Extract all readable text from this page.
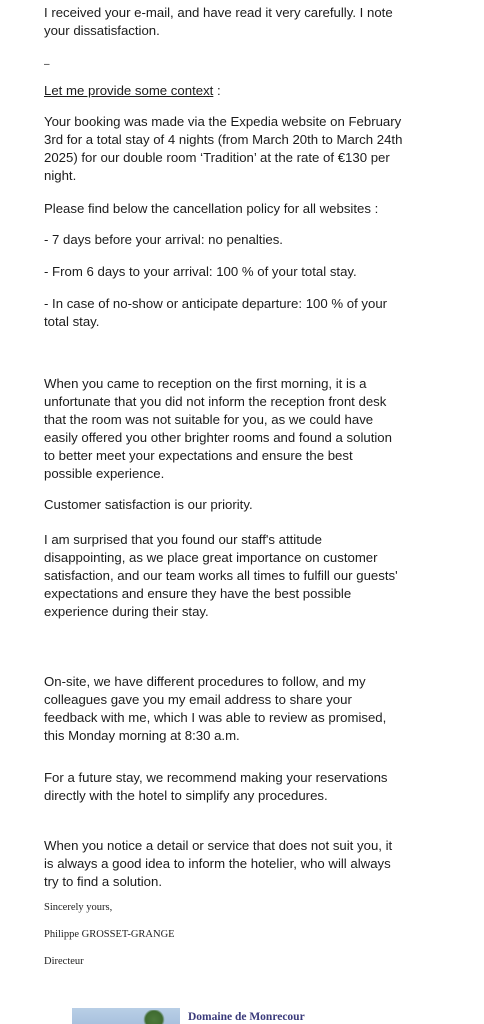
I received your e-mail, and have read it very carefully. I note your dissatisfaction.

–

Let me provide some context :

Your booking was made via the Expedia website on February 3rd for a total stay of 4 nights (from March 20th to March 24th 2025) for our double room ‘Tradition’ at the rate of €130 per night.

Please find below the cancellation policy for all websites :

- 7 days before your arrival: no penalties.

- From 6 days to your arrival: 100 % of your total stay.

- In case of no-show or anticipate departure: 100 % of your total stay.

When you came to reception on the first morning, it is a unfortunate that you did not inform the reception front desk that the room was not suitable for you, as we could have easily offered you other brighter rooms and found a solution to better meet your expectations and ensure the best possible experience.

Customer satisfaction is our priority.

I am surprised that you found our staff's attitude disappointing, as we place great importance on customer satisfaction, and our team works all times to fulfill our guests' expectations and ensure they have the best possible experience during their stay.

On-site, we have different procedures to follow, and my colleagues gave you my email address to share your feedback with me, which I was able to review as promised, this Monday morning at 8:30 a.m.

For a future stay, we recommend making your reservations directly with the hotel to simplify any procedures.

When you notice a detail or service that does not suit you, it is always a good idea to inform the hotelier, who will always try to find a solution.

Sincerely yours,

Philippe GROSSET-GRANGE

Directeur

Domaine de Monrecour
